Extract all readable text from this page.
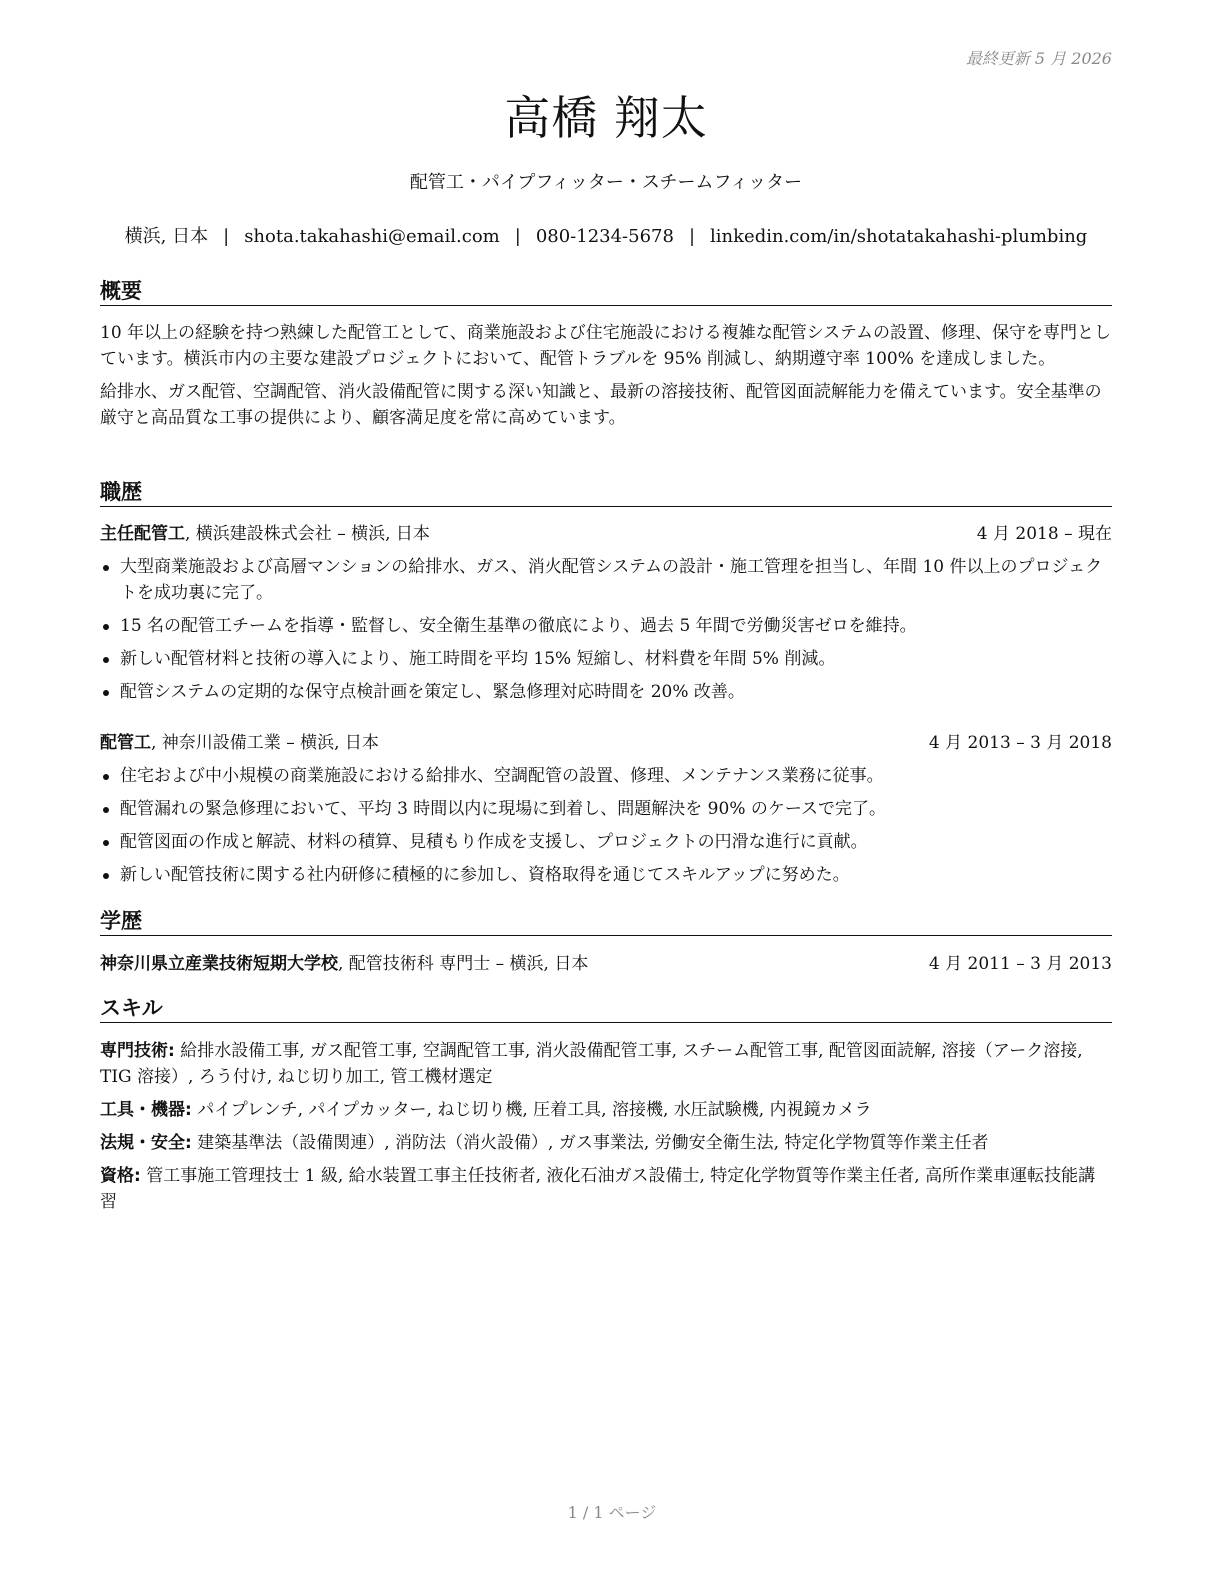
最終更新 5 月 2026
高橋 翔太
配管工・パイプフィッター・スチームフィッター
横浜, 日本 | shota.takahashi@email.com | 080-1234-5678 | linkedin.com/in/shotatakahashi-plumbing
概要

10 年以上の経験を持つ熟練した配管工として、商業施設および住宅施設における複雑な配管システムの設置、修理、保守を専門としています。横浜市内の主要な建設プロジェクトにおいて、配管トラブルを 95% 削減し、納期遵守率 100% を達成しました。

給排水、ガス配管、空調配管、消火設備配管に関する深い知識と、最新の溶接技術、配管図面読解能力を備えています。安全基準の厳守と高品質な工事の提供により、顧客満足度を常に高めています。

職歴
主任配管工, 横浜建設株式会社 – 横浜, 日本	4 月 2018 – 現在
大型商業施設および高層マンションの給排水、ガス、消火配管システムの設計・施工管理を担当し、年間 10 件以上のプロジェクトを成功裏に完了。
15 名の配管工チームを指導・監督し、安全衛生基準の徹底により、過去 5 年間で労働災害ゼロを維持。
新しい配管材料と技術の導入により、施工時間を平均 15% 短縮し、材料費を年間 5% 削減。
配管システムの定期的な保守点検計画を策定し、緊急修理対応時間を 20% 改善。
配管工, 神奈川設備工業 – 横浜, 日本	4 月 2013 – 3 月 2018
住宅および中小規模の商業施設における給排水、空調配管の設置、修理、メンテナンス業務に従事。
配管漏れの緊急修理において、平均 3 時間以内に現場に到着し、問題解決を 90% のケースで完了。
配管図面の作成と解読、材料の積算、見積もり作成を支援し、プロジェクトの円滑な進行に貢献。
新しい配管技術に関する社内研修に積極的に参加し、資格取得を通じてスキルアップに努めた。
学歴
神奈川県立産業技術短期大学校, 配管技術科 専門士 – 横浜, 日本	4 月 2011 – 3 月 2013
スキル
専門技術: 給排水設備工事, ガス配管工事, 空調配管工事, 消火設備配管工事, スチーム配管工事, 配管図面読解, 溶接（アーク溶接, TIG 溶接）, ろう付け, ねじ切り加工, 管工機材選定
工具・機器: パイプレンチ, パイプカッター, ねじ切り機, 圧着工具, 溶接機, 水圧試験機, 内視鏡カメラ
法規・安全: 建築基準法（設備関連）, 消防法（消火設備）, ガス事業法, 労働安全衛生法, 特定化学物質等作業主任者
資格: 管工事施工管理技士 1 級, 給水装置工事主任技術者, 液化石油ガス設備士, 特定化学物質等作業主任者, 高所作業車運転技能講習
1 / 1 ページ
